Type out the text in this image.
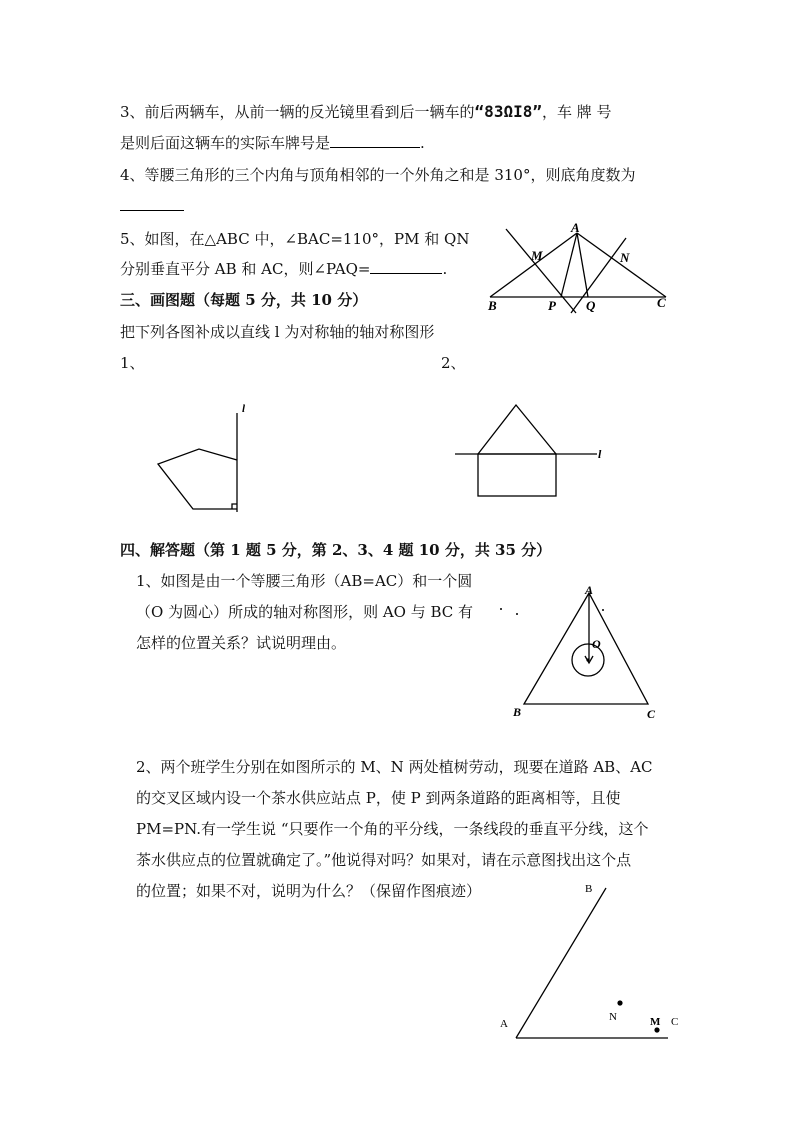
3、前后两辆车，从前一辆的反光镜里看到后一辆车的“83ΩI8”，车 牌 号
是则后面这辆车的实际车牌号是	.
4、等腰三角形的三个内角与顶角相邻的一个外角之和是 310°，则底角度数为
5、如图，在△ABC 中，∠BAC=110°，PM 和 QN
分别垂直平分 AB 和 AC，则∠PAQ=	.
三、画图题（每题 5 分，共 10 分）
把下列各图补成以直线 l 为对称轴的轴对称图形
1、	2、
四、解答题（第 1 题 5 分，第 2、3、4 题 10 分，共 35 分）
1、如图是由一个等腰三角形（AB=AC）和一个圆
（O 为圆心）所成的轴对称图形，则 AO 与 BC 有
怎样的位置关系？试说明理由。
2、两个班学生分别在如图所示的 M、N 两处植树劳动，现要在道路 AB、AC
的交叉区域内设一个茶水供应站点 P，使 P 到两条道路的距离相等，且使
PM=PN.有一学生说 “只要作一个角的平分线，一条线段的垂直平分线，这个
茶水供应点的位置就确定了。”他说得对吗？如果对，请在示意图找出这个点
的位置；如果不对，说明为什么？（保留作图痕迹）
A
M	N
B	P Q	C
l
l
A
O
B	C
A
B
C
N	M
